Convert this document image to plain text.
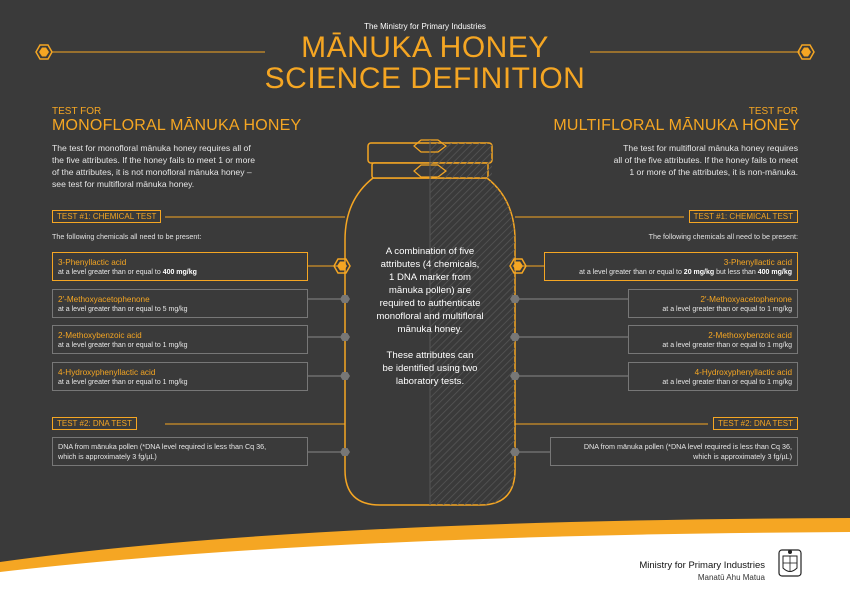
The Ministry for Primary Industries
MĀNUKA HONEY
SCIENCE DEFINITION
TEST FOR
MONOFLORAL MĀNUKA HONEY
The test for monofloral mānuka honey requires all of
the five attributes. If the honey fails to meet 1 or more
of the attributes, it is not monofloral mānuka honey –
see test for multifloral mānuka honey.
TEST #1: CHEMICAL TEST
The following chemicals all need to be present:
3-Phenyllactic acid
at a level greater than or equal to 400 mg/kg
2′-Methoxyacetophenone
at a level greater than or equal to 5 mg/kg
2-Methoxybenzoic acid
at a level greater than or equal to 1 mg/kg
4-Hydroxyphenyllactic acid
at a level greater than or equal to 1 mg/kg
TEST #2: DNA TEST
DNA from mānuka pollen (*DNA level required is less than Cq 36,
which is approximately 3 fg/µL)
TEST FOR
MULTIFLORAL MĀNUKA HONEY
The test for multifloral mānuka honey requires
all of the five attributes. If the honey fails to meet
1 or more of the attributes, it is non-mānuka.
TEST #1: CHEMICAL TEST
The following chemicals all need to be present:
3-Phenyllactic acid
at a level greater than or equal to 20 mg/kg but less than 400 mg/kg
2′-Methoxyacetophenone
at a level greater than or equal to 1 mg/kg
2-Methoxybenzoic acid
at a level greater than or equal to 1 mg/kg
4-Hydroxyphenyllactic acid
at a level greater than or equal to 1 mg/kg
TEST #2: DNA TEST
DNA from mānuka pollen (*DNA level required is less than Cq 36,
which is approximately 3 fg/µL)
A combination of five
attributes (4 chemicals,
1 DNA marker from
mānuka pollen) are
required to authenticate
monofloral and multifloral
mānuka honey.
These attributes can
be identified using two
laboratory tests.
Ministry for Primary Industries
Manatū Ahu Matua
